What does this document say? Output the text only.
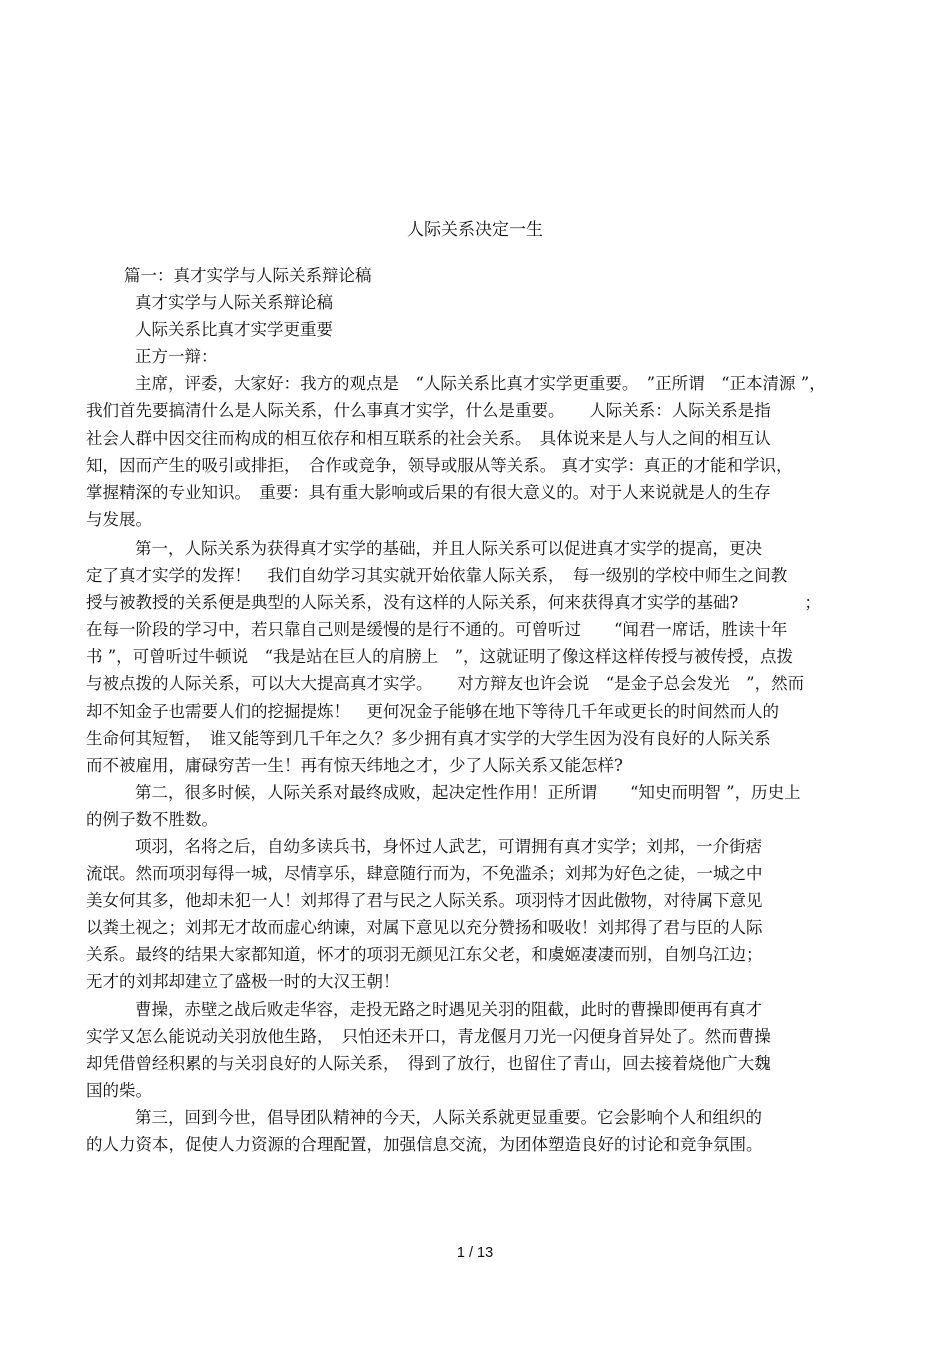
人际关系决定一生
篇一：真才实学与人际关系辩论稿
真才实学与人际关系辩论稿
人际关系比真才实学更重要
正方一辩：
主席，评委，大家好：我方的观点是　“人际关系比真才实学更重要。　”正所谓　“正本清源 ”，
我们首先要搞清什么是人际关系，什么事真才实学，什么是重要。　　人际关系：人际关系是指
社会人群中因交往而构成的相互依存和相互联系的社会关系。　具体说来是人与人之间的相互认
知，因而产生的吸引或排拒，　合作或竞争，领导或服从等关系。 真才实学：真正的才能和学识，
掌握精深的专业知识。　重要：具有重大影响或后果的有很大意义的。对于人来说就是人的生存
与发展。
第一，人际关系为获得真才实学的基础，并且人际关系可以促进真才实学的提高，更决
定了真才实学的发挥！　我们自幼学习其实就开始依靠人际关系，　每一级别的学校中师生之间教
授与被教授的关系便是典型的人际关系，没有这样的人际关系，何来获得真才实学的基础?　　　　；
在每一阶段的学习中，若只靠自己则是缓慢的是行不通的。可曾听过　　“闻君一席话，胜读十年
书 ”，可曾听过牛顿说　“我是站在巨人的肩膀上　”，这就证明了像这样这样传授与被传授，点拨
与被点拨的人际关系，可以大大提高真才实学。　　对方辩友也许会说　“是金子总会发光　”，然而
却不知金子也需要人们的挖掘提炼！　更何况金子能够在地下等待几千年或更长的时间然而人的
生命何其短暂，　谁又能等到几千年之久？多少拥有真才实学的大学生因为没有良好的人际关系
而不被雇用，庸碌穷苦一生！再有惊天纬地之才，少了人际关系又能怎样?
第二，很多时候，人际关系对最终成败，起决定性作用！正所谓　　“知史而明智 ”，历史上
的例子数不胜数。
项羽，名将之后，自幼多读兵书，身怀过人武艺，可谓拥有真才实学；刘邦，一介街痞
流氓。然而项羽每得一城，尽情享乐，肆意随行而为，不免滥杀；刘邦为好色之徒，一城之中
美女何其多，他却未犯一人！刘邦得了君与民之人际关系。项羽恃才因此傲物，对待属下意见
以粪土视之；刘邦无才故而虚心纳谏，对属下意见以充分赞扬和吸收！刘邦得了君与臣的人际
关系。最终的结果大家都知道，怀才的项羽无颜见江东父老，和虞姬凄凄而别，自刎乌江边；
无才的刘邦却建立了盛极一时的大汉王朝！
曹操，赤壁之战后败走华容，走投无路之时遇见关羽的阻截，此时的曹操即便再有真才
实学又怎么能说动关羽放他生路，　只怕还未开口，青龙偃月刀光一闪便身首异处了。然而曹操
却凭借曾经积累的与关羽良好的人际关系，　得到了放行，也留住了青山，回去接着烧他广大魏
国的柴。
第三，回到今世，倡导团队精神的今天，人际关系就更显重要。它会影响个人和组织的
的人力资本，促使人力资源的合理配置，加强信息交流，为团体塑造良好的讨论和竞争氛围。
1 / 13
